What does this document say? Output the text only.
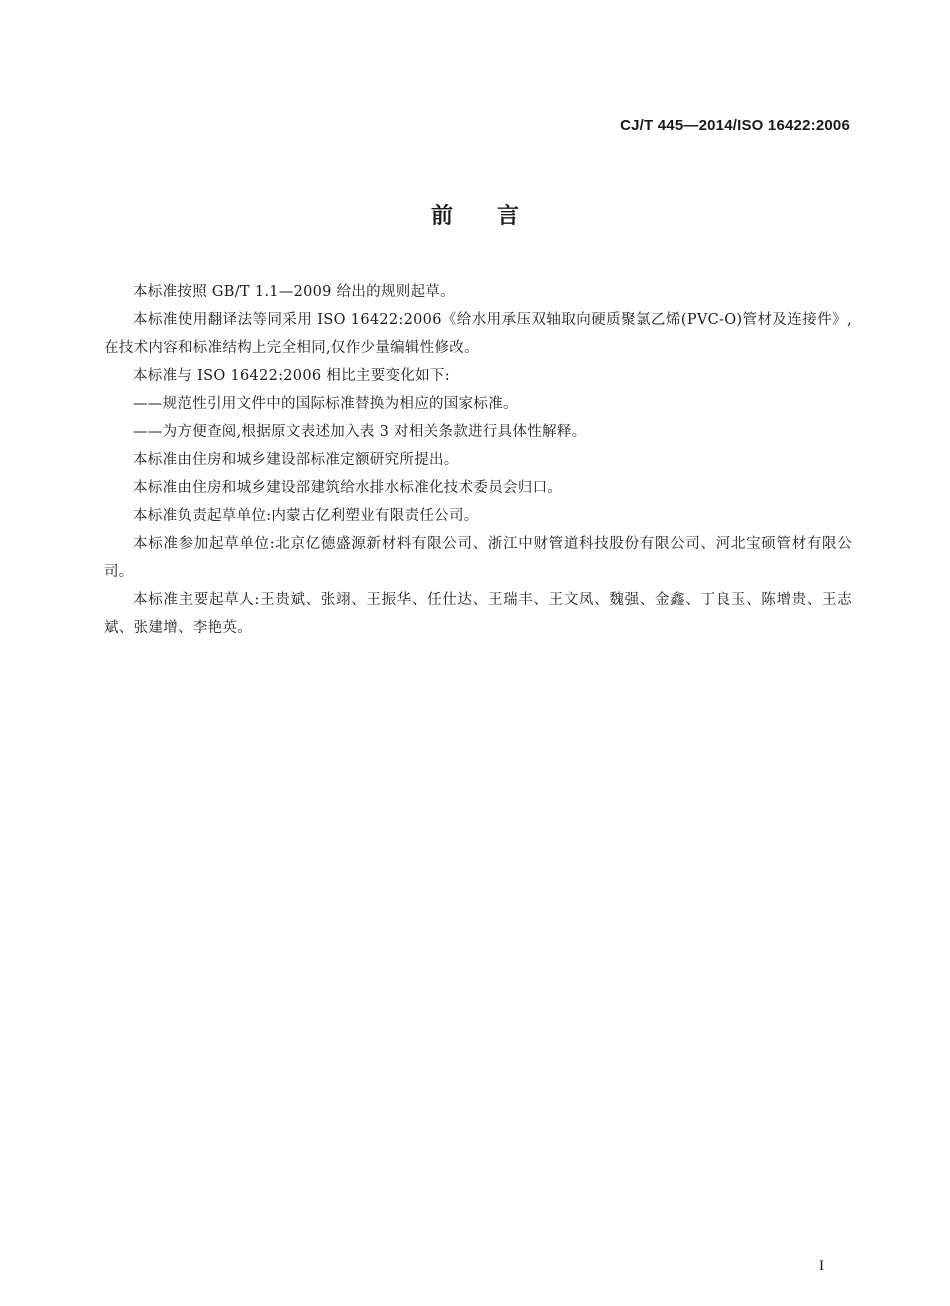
CJ/T 445—2014/ISO 16422:2006
前言

本标准按照 GB/T 1.1—2009 给出的规则起草。

本标准使用翻译法等同采用 ISO 16422:2006《给水用承压双轴取向硬质聚氯乙烯(PVC-O)管材及连接件》,在技术内容和标准结构上完全相同,仅作少量编辑性修改。

本标准与 ISO 16422:2006 相比主要变化如下:

——规范性引用文件中的国际标准替换为相应的国家标准。

——为方便查阅,根据原文表述加入表 3 对相关条款进行具体性解释。

本标准由住房和城乡建设部标准定额研究所提出。

本标准由住房和城乡建设部建筑给水排水标准化技术委员会归口。

本标准负责起草单位:内蒙古亿利塑业有限责任公司。

本标准参加起草单位:北京亿德盛源新材料有限公司、浙江中财管道科技股份有限公司、河北宝硕管材有限公司。

本标准主要起草人:王贵斌、张翊、王振华、任仕达、王瑞丰、王文凤、魏强、金鑫、丁良玉、陈增贵、王志斌、张建增、李艳英。

I
